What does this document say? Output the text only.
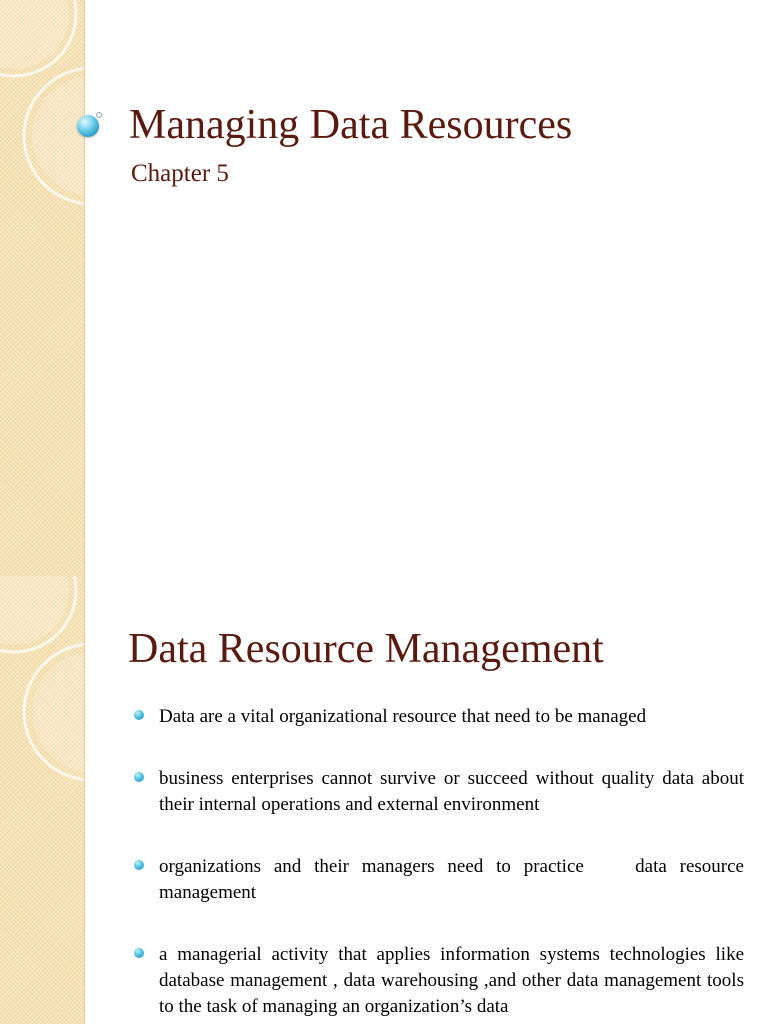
Managing Data Resources

Chapter 5

Data Resource Management
Data are a vital organizational resource that need to be managed
business enterprises cannot survive or succeed without quality data about their internal operations and external environment
organizations and their managers need to practice    data resource management
a managerial activity that applies information systems technologies like database management , data warehousing ,and other data management tools to the task of managing an organization’s data
